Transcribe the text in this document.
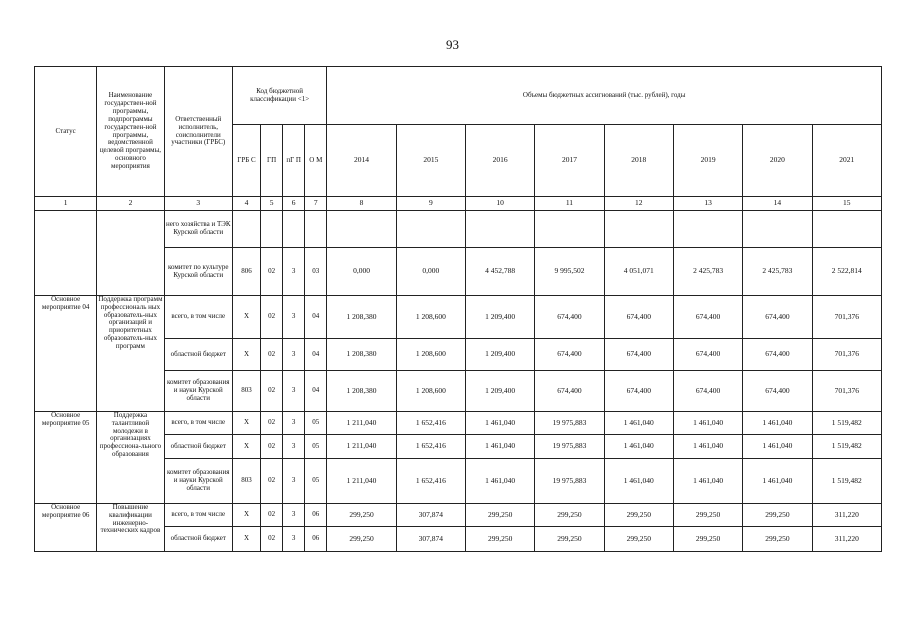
93
Статус	Наименование государствен-ной программы, подпрограммы государствен-ной программы, ведомственной целевой программы, основного мероприятия	Ответственный исполнитель, соисполнители участники (ГРБС)	Код бюджетной классификации <1>				Объемы бюджетных ассигнований (тыс. рублей), годы							
			ГРБ С	ГП	пГ П	О М	2014	2015	2016	2017	2018	2019	2020	2021
1	2	3	4	5	6	7	8	9	10	11	12	13	14	15
		него хозяйства и ТЭК Курской области												
		комитет по культуре Курской области	806	02	3	03	0,000	0,000	4 452,788	9 995,502	4 051,071	2 425,783	2 425,783	2 522,814
Основное мероприятие 04	Поддержка программ профессиональ ных образователь-ных организаций и приоритетных образователь-ных программ	всего, в том числе	X	02	3	04	1 208,380	1 208,600	1 209,400	674,400	674,400	674,400	674,400	701,376
		областной бюджет	X	02	3	04	1 208,380	1 208,600	1 209,400	674,400	674,400	674,400	674,400	701,376
		комитет образования и науки Курской области	803	02	3	04	1 208,380	1 208,600	1 209,400	674,400	674,400	674,400	674,400	701,376
Основное мероприятие 05	Поддержка талантливой молодежи в организациях профессиона-льного образования	всего, в том числе	X	02	3	05	1 211,040	1 652,416	1 461,040	19 975,883	1 461,040	1 461,040	1 461,040	1 519,482
		областной бюджет	X	02	3	05	1 211,040	1 652,416	1 461,040	19 975,883	1 461,040	1 461,040	1 461,040	1 519,482
		комитет образования и науки Курской области	803	02	3	05	1 211,040	1 652,416	1 461,040	19 975,883	1 461,040	1 461,040	1 461,040	1 519,482
Основное мероприятие 06	Повышение квалификации инженерно-технических кадров	всего, в том числе	X	02	3	06	299,250	307,874	299,250	299,250	299,250	299,250	299,250	311,220
		областной бюджет	X	02	3	06	299,250	307,874	299,250	299,250	299,250	299,250	299,250	311,220
